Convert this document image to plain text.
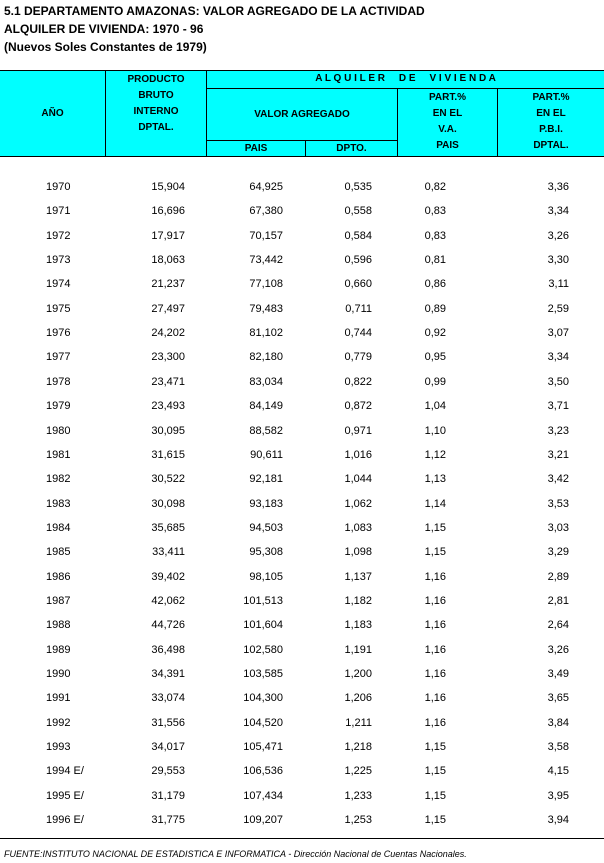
5.1 DEPARTAMENTO AMAZONAS: VALOR AGREGADO DE LA ACTIVIDAD
ALQUILER DE VIVIENDA: 1970 - 96
(Nuevos Soles Constantes de 1979)
AÑO
PRODUCTO
BRUTO
INTERNO
DPTAL.
A L Q U I L E R     D E     V I V I E N D A
VALOR AGREGADO
PAIS	DPTO.
PART.%
EN EL
V.A.
PAIS
PART.%
EN EL
P.B.I.
DPTAL.
1970	15,904	64,925	0,535	0,82	3,36
1971	16,696	67,380	0,558	0,83	3,34
1972	17,917	70,157	0,584	0,83	3,26
1973	18,063	73,442	0,596	0,81	3,30
1974	21,237	77,108	0,660	0,86	3,11
1975	27,497	79,483	0,711	0,89	2,59
1976	24,202	81,102	0,744	0,92	3,07
1977	23,300	82,180	0,779	0,95	3,34
1978	23,471	83,034	0,822	0,99	3,50
1979	23,493	84,149	0,872	1,04	3,71
1980	30,095	88,582	0,971	1,10	3,23
1981	31,615	90,611	1,016	1,12	3,21
1982	30,522	92,181	1,044	1,13	3,42
1983	30,098	93,183	1,062	1,14	3,53
1984	35,685	94,503	1,083	1,15	3,03
1985	33,411	95,308	1,098	1,15	3,29
1986	39,402	98,105	1,137	1,16	2,89
1987	42,062	101,513	1,182	1,16	2,81
1988	44,726	101,604	1,183	1,16	2,64
1989	36,498	102,580	1,191	1,16	3,26
1990	34,391	103,585	1,200	1,16	3,49
1991	33,074	104,300	1,206	1,16	3,65
1992	31,556	104,520	1,211	1,16	3,84
1993	34,017	105,471	1,218	1,15	3,58
1994 E/	29,553	106,536	1,225	1,15	4,15
1995 E/	31,179	107,434	1,233	1,15	3,95
1996 E/	31,775	109,207	1,253	1,15	3,94
FUENTE:INSTITUTO NACIONAL DE ESTADISTICA E INFORMATICA - Dirección Nacional de Cuentas Nacionales.
